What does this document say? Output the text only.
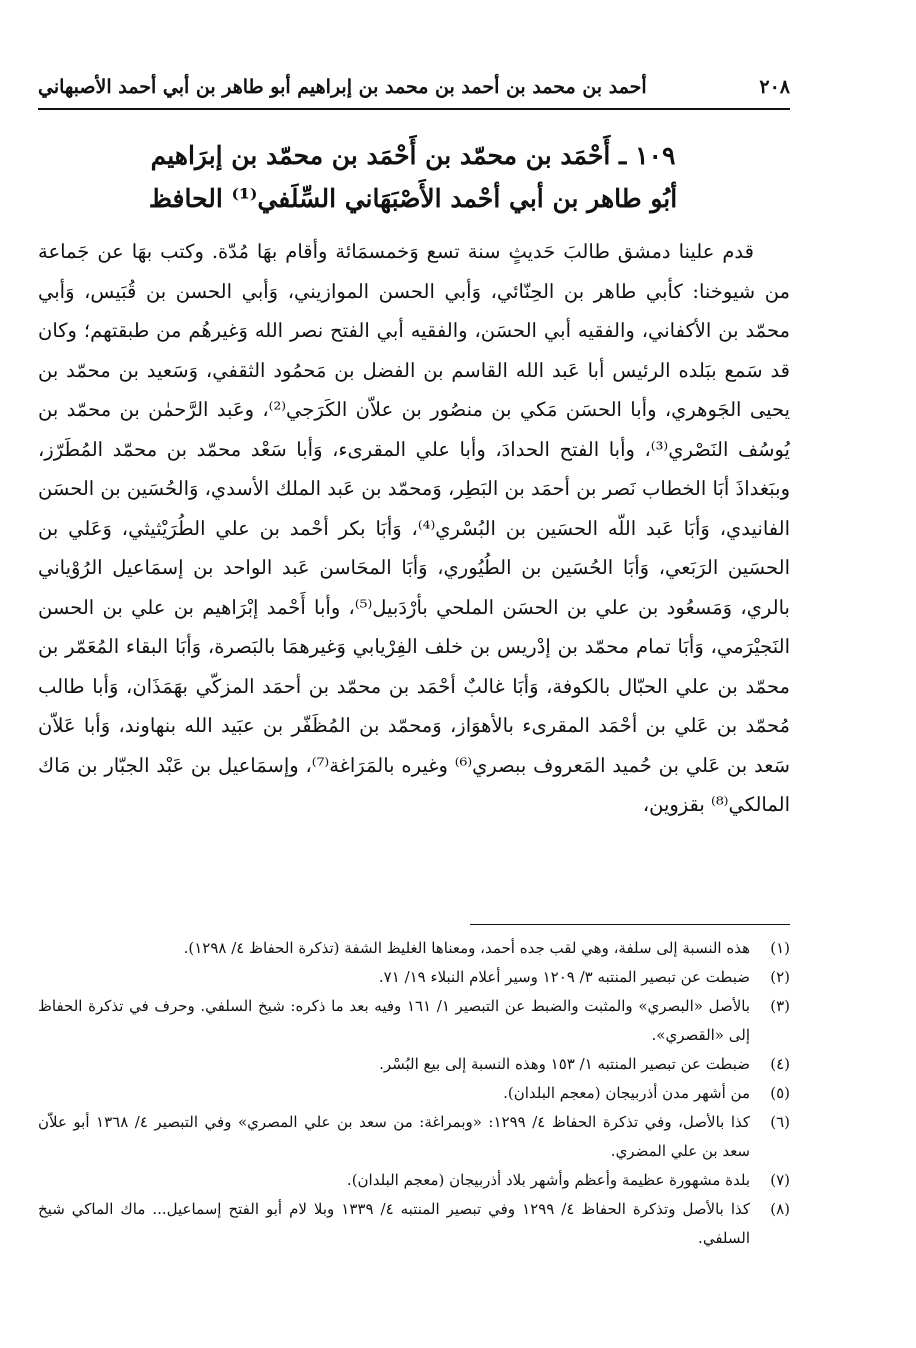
٢٠٨
أحمد بن محمد بن أحمد بن محمد بن إبراهيم أبو طاهر بن أبي أحمد الأصبهاني
١٠٩ ـ أَحْمَد بن محمّد بن أَحْمَد بن محمّد بن إبرَاهيم
أبُو طاهر بن أبي أحْمد الأَصْبَهَاني السِّلَفي⁽¹⁾ الحافظ

قدم علينا دمشق طالبَ حَديثٍ سنة تسع وَخمسمَائة وأقام بهَا مُدّة. وكتب بهَا عن جَماعة من شيوخنا: كأبي طاهر بن الحِنّائي، وَأبي الحسن الموازيني، وَأبي الحسن بن قُبَيس، وَأبي محمّد بن الأكفاني، والفقيه أبي الحسَن، والفقيه أبي الفتح نصر الله وَغيرهُم من طبقتهم؛ وكان قد سَمع ببَلده الرئيس أبا عَبد الله القاسم بن الفضل بن مَحمُود الثقفي، وَسَعيد بن محمّد بن يحيى الجَوهري، وأبا الحسَن مَكي بن منصُور بن علاّن الكَرَجي⁽²⁾، وعَبد الرَّحمٰن بن محمّد بن يُوسُف النَصْري⁽³⁾، وأبا الفتح الحدادَ، وأبا علي المقرىء، وَأبا سَعْد محمّد بن محمّد المُطَرّز، وببَغداذَ أبَا الخطاب نَصر بن أحمَد بن البَطِر، وَمحمّد بن عَبد الملك الأسدي، وَالحُسَين بن الحسَن الفانيدي، وَأبَا عَبد اللّه الحسَين بن البُسْري⁽⁴⁾، وَأبَا بكر أحْمد بن علي الطُرَيْثيثي، وَعَلي بن الحسَين الرَبَعي، وَأبَا الحُسَين بن الطُيُوري، وَأبَا المحَاسن عَبد الواحد بن إسمَاعيل الرُوْياني بالري، وَمَسعُود بن علي بن الحسَن الملحي بأرْدَبيل⁽⁵⁾، وأبا أَحْمد إبْرَاهيم بن علي بن الحسن النَجيْرَمي، وَأبَا تمام محمّد بن إدْريس بن خلف الفِرْيابي وَغيرهمَا بالبَصرة، وَأبَا البقاء المُعَمّر بن محمّد بن علي الحبّال بالكوفة، وَأبَا غالبٌ أحْمَد بن محمّد بن أحمَد المزكّي بهَمَذَان، وَأبا طالب مُحمّد بن عَلي بن أحْمَد المقرىء بالأهوَاز، وَمحمّد بن المُظَفّر بن عبَيد الله بنهاوند، وَأبا عَلاّن سَعد بن عَلي بن حُميد المَعروف ببصري⁽⁶⁾ وغيره بالمَرَاغة⁽⁷⁾، وإسمَاعيل بن عَبْد الجبّار بن مَاك المالكي⁽⁸⁾ بقزوين،

(١)
هذه النسبة إلى سلفة، وهي لقب جده أحمد، ومعناها الغليظ الشفة (تذكرة الحفاظ ٤/ ١٢٩٨).
(٢)
ضبطت عن تبصير المنتبه ٣/ ١٢٠٩ وسير أعلام النبلاء ١٩/ ٧١.
(٣)
بالأصل «البصري» والمثبت والضبط عن التبصير ١/ ١٦١ وفيه بعد ما ذكره: شيخ السلفي. وحرف في تذكرة الحفاظ إلى «القصري».
(٤)
ضبطت عن تبصير المنتبه ١/ ١٥٣ وهذه النسبة إلى بيع البُسْر.
(٥)
من أشهر مدن أذربيجان (معجم البلدان).
(٦)
كذا بالأصل، وفي تذكرة الحفاظ ٤/ ١٢٩٩: «وبمراغة: من سعد بن علي المصري» وفي التبصير ٤/ ١٣٦٨ أبو علاّن سعد بن علي المضري.
(٧)
بلدة مشهورة عظيمة وأعظم وأشهر بلاد أذربيجان (معجم البلدان).
(٨)
كذا بالأصل وتذكرة الحفاظ ٤/ ١٢٩٩ وفي تبصير المنتبه ٤/ ١٣٣٩ وبلا لام أبو الفتح إسماعيل... ماك الماكي شيخ السلفي.
